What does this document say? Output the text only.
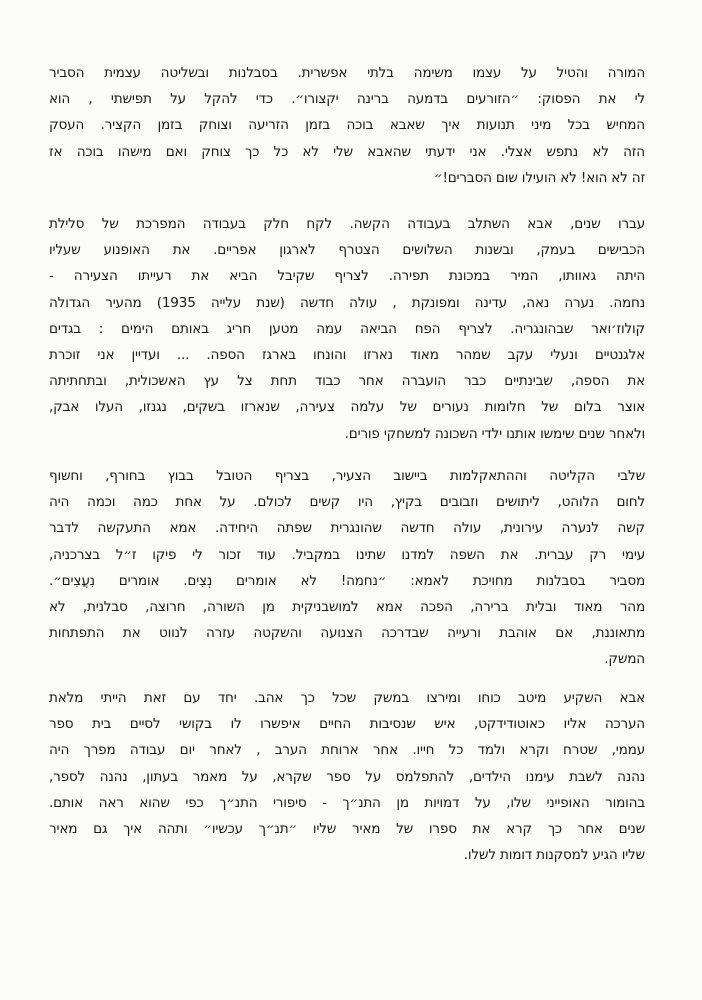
המורה והטיל על עצמו משימה בלתי אפשרית. בסבלנות ובשליטה עצמית הסביר
לי את הפסוק: ״הזורעים בדמעה ברינה יקצורו״. כדי להקל על תפישתי , הוא
המחיש בכל מיני תנועות איך שאבא בוכה בזמן הזריעה וצוחק בזמן הקציר. העסק
הזה לא נתפש אצלי. אני ידעתי שהאבא שלי לא כל כך צוחק ואם מישהו בוכה אז
זה לא הוא! לא הועילו שום הסברים!״
עברו שנים, אבא השתלב בעבודה הקשה. לקח חלק בעבודה המפרכת של סלילת
הכבישים בעמק, ובשנות השלושים הצטרף לארגון אפריים. את האופנוע שעליו
היתה גאוותו, המיר במכונת תפירה. לצריף שקיבל הביא את רעייתו הצעירה -
נחמה. נערה נאה, עדינה ומפונקת , עולה חדשה (שנת עלייה 1935) מהעיר הגדולה
קולוז׳ואר שבהונגריה. לצריף הפח הביאה עמה מטען חריג באותם הימים : בגדים
אלגנטיים ונעלי עקב שמהר מאוד נארזו והונחו בארגז הספה. ... ועדיין אני זוכרת
את הספה, שבינתיים כבר הועברה אחר כבוד תחת צל עץ האשכולית, ובתחתיתה
אוצר בלום של חלומות נעורים של עלמה צעירה, שנארזו בשקים, נגנזו, העלו אבק,
ולאחר שנים שימשו אותנו ילדי השכונה למשחקי פורים.
שלבי הקליטה וההתאקלמות ביישוב הצעיר, בצריף הטובל בבוץ בחורף, וחשוף
לחום הלוהט, ליתושים וזבובים בקיץ, היו קשים לכולם. על אחת כמה וכמה היה
קשה לנערה עירונית, עולה חדשה שהונגרית שפתה היחידה. אמא התעקשה לדבר
עימי רק עברית. את השפה למדנו שתינו במקביל. עוד זכור לי פיקו ז״ל בצרכניה,
מסביר בסבלנות מחויכת לאמא: ״נחמה! לא אומרים נְצִים. אומרים נִעֲצִים״.
מהר מאוד ובלית ברירה, הפכה אמא למושבניקית מן השורה, חרוצה, סבלנית, לא
מתאוננת, אם אוהבת ורעייה שבדרכה הצנועה והשקטה עזרה לנווט את התפתחות
המשק.
אבא השקיע מיטב כוחו ומירצו במשק שכל כך אהב. יחד עם זאת הייתי מלאת
הערכה אליו כאוטודידקט, איש שנסיבות החיים איפשרו לו בקושי לסיים בית ספר
עממי, שטרח וקרא ולמד כל חייו. אחר ארוחת הערב , לאחר יום עבודה מפרך היה
נהנה לשבת עימנו הילדים, להתפלמס על ספר שקרא, על מאמר בעתון, נהנה לספר,
בהומור האופייני שלו, על דמויות מן התנ״ך - סיפורי התנ״ך כפי שהוא ראה אותם.
שנים אחר כך קרא את ספרו של מאיר שליו ״תנ״ך עכשיו״ ותהה איך גם מאיר
שליו הגיע למסקנות דומות לשלו.
